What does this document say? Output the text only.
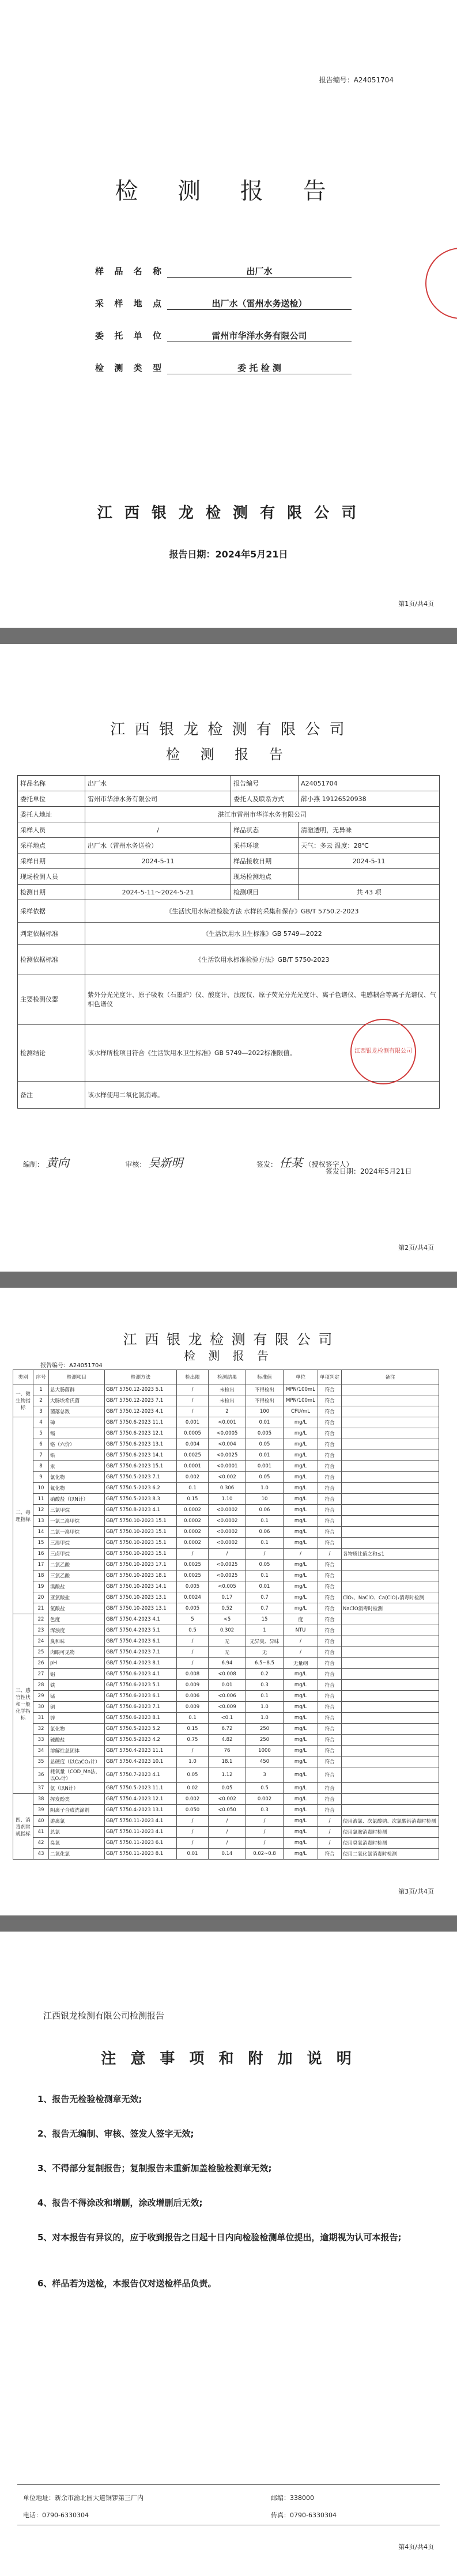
报告编号：A24051704
检 测 报 告
样品名称	出厂水
采样地点	出厂水（雷州水务送检）
委托单位	雷州市华洋水务有限公司
检测类型	委 托 检 测
江 西 银 龙 检 测 有 限 公 司
报告日期：2024年5月21日
第1页/共4页
江 西 银 龙 检 测 有 限 公 司
检 测 报 告
样品名称	出厂水	报告编号	A24051704
委托单位	雷州市华洋水务有限公司	委托人及联系方式	薛小燕 19126520938
委托人地址	湛江市雷州市华洋水务有限公司		
采样人员	/	样品状态	清澈透明，无异味
采样地点	出厂水（雷州水务送检）	采样环境	天气：多云 温度：28℃
采样日期	2024-5-11	样品接收日期	2024-5-11
现场检测人员		现场检测地点	
检测日期	2024-5-11～2024-5-21	检测项目	共 43 项
采样依据	《生活饮用水标准检验方法 水样的采集和保存》GB/T 5750.2-2023		
判定依据标准	《生活饮用水卫生标准》GB 5749—2022		
检测依据标准	《生活饮用水标准检验方法》GB/T 5750-2023		
主要检测仪器	紫外分光光度计、原子吸收（石墨炉）仪、酸度计、浊度仪、原子荧光分光光度计、离子色谱仪、电感耦合等离子光谱仪、气相色谱仪		
检测结论	该水样所检项目符合《生活饮用水卫生标准》GB 5749—2022标准限值。 江西银龙检测有限公司		

备注	该水样使用二氧化氯消毒。		
编制： 黄向	审核： 吴新明	签发： 任某 （授权签字人）
签发日期：2024年5月21日
第2页/共4页
江 西 银 龙 检 测 有 限 公 司
检 测 报 告
报告编号：A24051704
类别	序号	检测项目	检测方法	检出限	检测结果	标准值	单位	单项判定	备注
一、微生物指标	1	总大肠菌群	GB/T 5750.12-2023 5.1	/	未检出	不得检出	MPN/100mL	符合	
	2	大肠埃希氏菌	GB/T 5750.12-2023 7.1	/	未检出	不得检出	MPN/100mL	符合	
	3	菌落总数	GB/T 5750.12-2023 4.1	/	2	100	CFU/mL	符合	
二、毒理指标	4	砷	GB/T 5750.6-2023 11.1	0.001	<0.001	0.01	mg/L	符合	
	5	镉	GB/T 5750.6-2023 12.1	0.0005	<0.0005	0.005	mg/L	符合	
	6	铬（六价）	GB/T 5750.6-2023 13.1	0.004	<0.004	0.05	mg/L	符合	
	7	铅	GB/T 5750.6-2023 14.1	0.0025	<0.0025	0.01	mg/L	符合	
	8	汞	GB/T 5750.6-2023 15.1	0.0001	<0.0001	0.001	mg/L	符合	
	9	氰化物	GB/T 5750.5-2023 7.1	0.002	<0.002	0.05	mg/L	符合	
	10	氟化物	GB/T 5750.5-2023 6.2	0.1	0.306	1.0	mg/L	符合	
	11	硝酸盐（以N计）	GB/T 5750.5-2023 8.3	0.15	1.10	10	mg/L	符合	
	12	三氯甲烷	GB/T 5750.8-2023 4.1	0.0002	<0.0002	0.06	mg/L	符合	
	13	一氯二溴甲烷	GB/T 5750.10-2023 15.1	0.0002	<0.0002	0.1	mg/L	符合	
	14	二氯一溴甲烷	GB/T 5750.10-2023 15.1	0.0002	<0.0002	0.06	mg/L	符合	
	15	三溴甲烷	GB/T 5750.10-2023 15.1	0.0002	<0.0002	0.1	mg/L	符合	
	16	三卤甲烷	GB/T 5750.10-2023 15.1	/	/	/	/	/	各物质比值之和≤1
	17	二氯乙酸	GB/T 5750.10-2023 17.1	0.0025	<0.0025	0.05	mg/L	符合	
	18	三氯乙酸	GB/T 5750.10-2023 18.1	0.0025	<0.0025	0.1	mg/L	符合	
	19	溴酸盐	GB/T 5750.10-2023 14.1	0.005	<0.005	0.01	mg/L	符合	
	20	亚氯酸盐	GB/T 5750.10-2023 13.1	0.0024	0.17	0.7	mg/L	符合	ClO₂、NaClO、Ca(ClO)₂消毒时检测
	21	氯酸盐	GB/T 5750.10-2023 13.1	0.005	0.52	0.7	mg/L	符合	NaClO消毒时检测
三、感官性状和一般化学指标	22	色度	GB/T 5750.4-2023 4.1	5	<5	15	度	符合	
	23	浑浊度	GB/T 5750.4-2023 5.1	0.5	0.302	1	NTU	符合	
	24	臭和味	GB/T 5750.4-2023 6.1	/	无	无异臭、异味	/	符合	
	25	肉眼可见物	GB/T 5750.4-2023 7.1	/	无	无	/	符合	
	26	pH	GB/T 5750.4-2023 8.1	/	6.94	6.5~8.5	无量纲	符合	
	27	铝	GB/T 5750.6-2023 4.1	0.008	<0.008	0.2	mg/L	符合	
	28	铁	GB/T 5750.6-2023 5.1	0.009	0.01	0.3	mg/L	符合	
	29	锰	GB/T 5750.6-2023 6.1	0.006	<0.006	0.1	mg/L	符合	
	30	铜	GB/T 5750.6-2023 7.1	0.009	<0.009	1.0	mg/L	符合	
	31	锌	GB/T 5750.6-2023 8.1	0.1	<0.1	1.0	mg/L	符合	
	32	氯化物	GB/T 5750.5-2023 5.2	0.15	6.72	250	mg/L	符合	
	33	硫酸盐	GB/T 5750.5-2023 4.2	0.75	4.82	250	mg/L	符合	
	34	溶解性总固体	GB/T 5750.4-2023 11.1	/	76	1000	mg/L	符合	
	35	总硬度（以CaCO₃计）	GB/T 5750.4-2023 10.1	1.0	18.1	450	mg/L	符合	
	36	耗氧量（COD_Mn法，以O₂计）	GB/T 5750.7-2023 4.1	0.05	1.12	3	mg/L	符合	
	37	氨（以N计）	GB/T 5750.5-2023 11.1	0.02	0.05	0.5	mg/L	符合	
四、消毒剂常规指标	38	挥发酚类	GB/T 5750.4-2023 12.1	0.002	<0.002	0.002	mg/L	符合	
	39	阴离子合成洗涤剂	GB/T 5750.4-2023 13.1	0.050	<0.050	0.3	mg/L	符合	
	40	游离氯	GB/T 5750.11-2023 4.1	/	/	/	mg/L	/	使用液氯、次氯酸钠、次氯酸钙消毒时检测
	41	总氯	GB/T 5750.11-2023 4.1	/	/	/	mg/L	/	使用氯胺消毒时检测
	42	臭氧	GB/T 5750.11-2023 6.1	/	/	/	mg/L	/	使用臭氧消毒时检测
	43	二氧化氯	GB/T 5750.11-2023 8.1	0.01	0.14	0.02~0.8	mg/L	符合	使用二氧化氯消毒时检测
第3页/共4页
江西银龙检测有限公司检测报告
注 意 事 项 和 附 加 说 明
1、报告无检验检测章无效;
2、报告无编制、审核、签发人签字无效;
3、不得部分复制报告；复制报告未重新加盖检验检测章无效;
4、报告不得涂改和增删，涂改增删后无效;
5、对本报告有异议的，应于收到报告之日起十日内向检验检测单位提出，逾期视为认可本报告;
6、样品若为送检，本报告仅对送检样品负责。
单位地址：新余市渝北园大道铜锣第三厂内	邮编：338000
电话：0790-6330304	传真：0790-6330304
第4页/共4页
